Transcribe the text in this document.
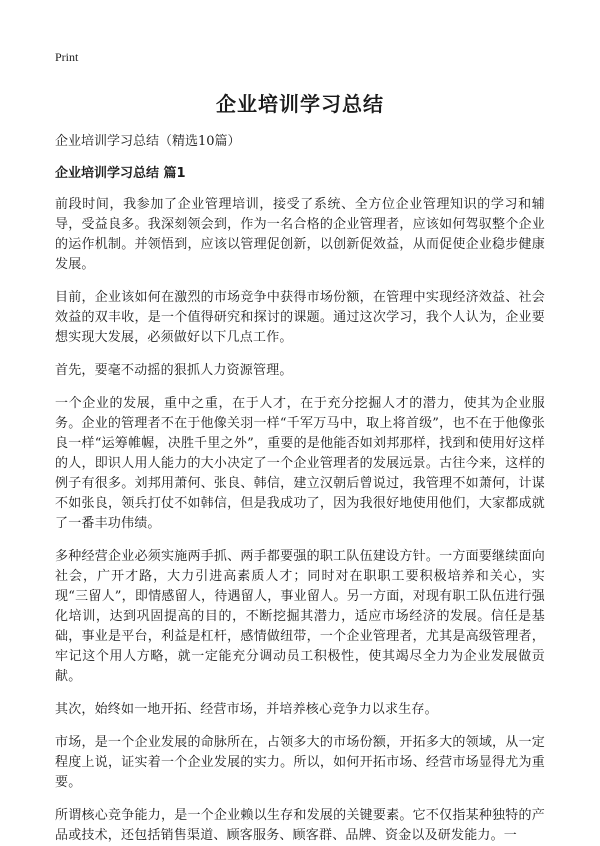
Print
企业培训学习总结

企业培训学习总结（精选10篇）

企业培训学习总结 篇1

前段时间，我参加了企业管理培训，接受了系统、全方位企业管理知识的学习和辅导，受益良多。我深刻领会到，作为一名合格的企业管理者，应该如何驾驭整个企业的运作机制。并领悟到，应该以管理促创新，以创新促效益，从而促使企业稳步健康发展。

目前，企业该如何在激烈的市场竞争中获得市场份额，在管理中实现经济效益、社会效益的双丰收，是一个值得研究和探讨的课题。通过这次学习，我个人认为，企业要想实现大发展，必须做好以下几点工作。

首先，要毫不动摇的狠抓人力资源管理。

一个企业的发展，重中之重，在于人才，在于充分挖掘人才的潜力，使其为企业服务。企业的管理者不在于他像关羽一样“千军万马中，取上将首级”，也不在于他像张良一样“运筹帷幄，决胜千里之外”，重要的是他能否如刘邦那样，找到和使用好这样的人，即识人用人能力的大小决定了一个企业管理者的发展远景。古往今来，这样的例子有很多。刘邦用萧何、张良、韩信，建立汉朝后曾说过，我管理不如萧何，计谋不如张良，领兵打仗不如韩信，但是我成功了，因为我很好地使用他们，大家都成就了一番丰功伟绩。

多种经营企业必须实施两手抓、两手都要强的职工队伍建设方针。一方面要继续面向社会，广开才路，大力引进高素质人才；同时对在职职工要积极培养和关心，实现“三留人”，即情感留人，待遇留人，事业留人。另一方面，对现有职工队伍进行强化培训，达到巩固提高的目的，不断挖掘其潜力，适应市场经济的发展。信任是基础，事业是平台，利益是杠杆，感情做纽带，一个企业管理者，尤其是高级管理者，牢记这个用人方略，就一定能充分调动员工积极性，使其竭尽全力为企业发展做贡献。

其次，始终如一地开拓、经营市场，并培养核心竞争力以求生存。

市场，是一个企业发展的命脉所在，占领多大的市场份额，开拓多大的领域，从一定程度上说，证实着一个企业发展的实力。所以，如何开拓市场、经营市场显得尤为重要。

所谓核心竞争能力，是一个企业赖以生存和发展的关键要素。它不仅指某种独特的产品或技术，还包括销售渠道、顾客服务、顾客群、品牌、资金以及研发能力。一
